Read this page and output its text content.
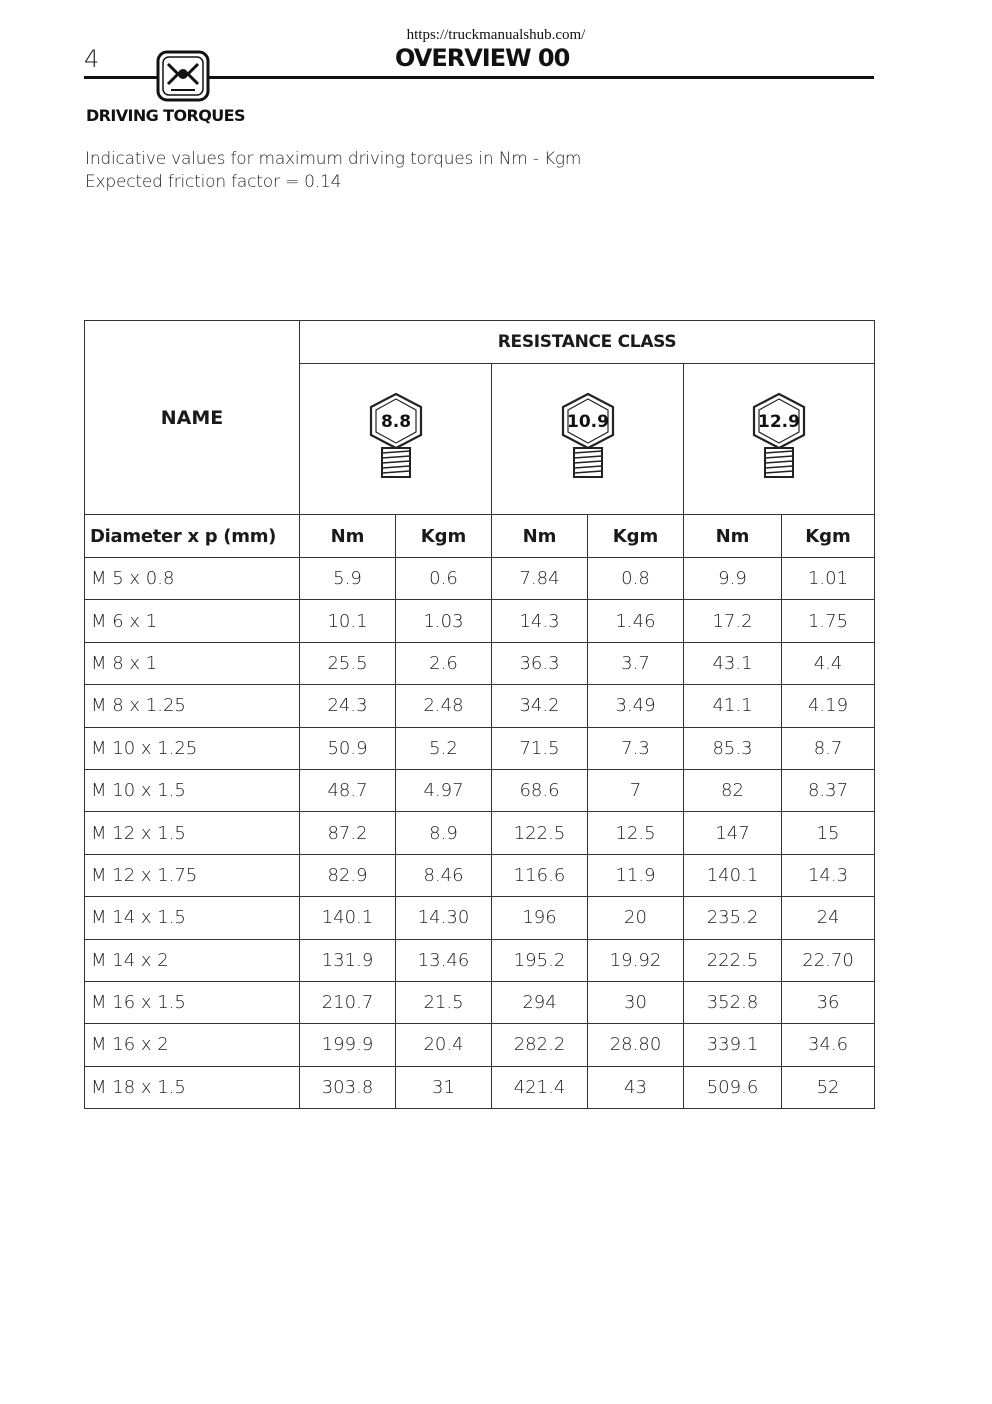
https://truckmanualshub.com/
4	OVERVIEW 00
DRIVING TORQUES
Indicative values for maximum driving torques in Nm - Kgm
Expected friction factor = 0.14
NAME	RESISTANCE CLASS					

8.8		10.9		12.9	

Diameter x p (mm)	Nm	Kgm	Nm	Kgm	Nm	Kgm
M 5 x 0.8	5.9	0.6	7.84	0.8	9.9	1.01
M 6 x 1	10.1	1.03	14.3	1.46	17.2	1.75
M 8 x 1	25.5	2.6	36.3	3.7	43.1	4.4
M 8 x 1.25	24.3	2.48	34.2	3.49	41.1	4.19
M 10 x 1.25	50.9	5.2	71.5	7.3	85.3	8.7
M 10 x 1.5	48.7	4.97	68.6	7	82	8.37
M 12 x 1.5	87.2	8.9	122.5	12.5	147	15
M 12 x 1.75	82.9	8.46	116.6	11.9	140.1	14.3
M 14 x 1.5	140.1	14.30	196	20	235.2	24
M 14 x 2	131.9	13.46	195.2	19.92	222.5	22.70
M 16 x 1.5	210.7	21.5	294	30	352.8	36
M 16 x 2	199.9	20.4	282.2	28.80	339.1	34.6
M 18 x 1.5	303.8	31	421.4	43	509.6	52
